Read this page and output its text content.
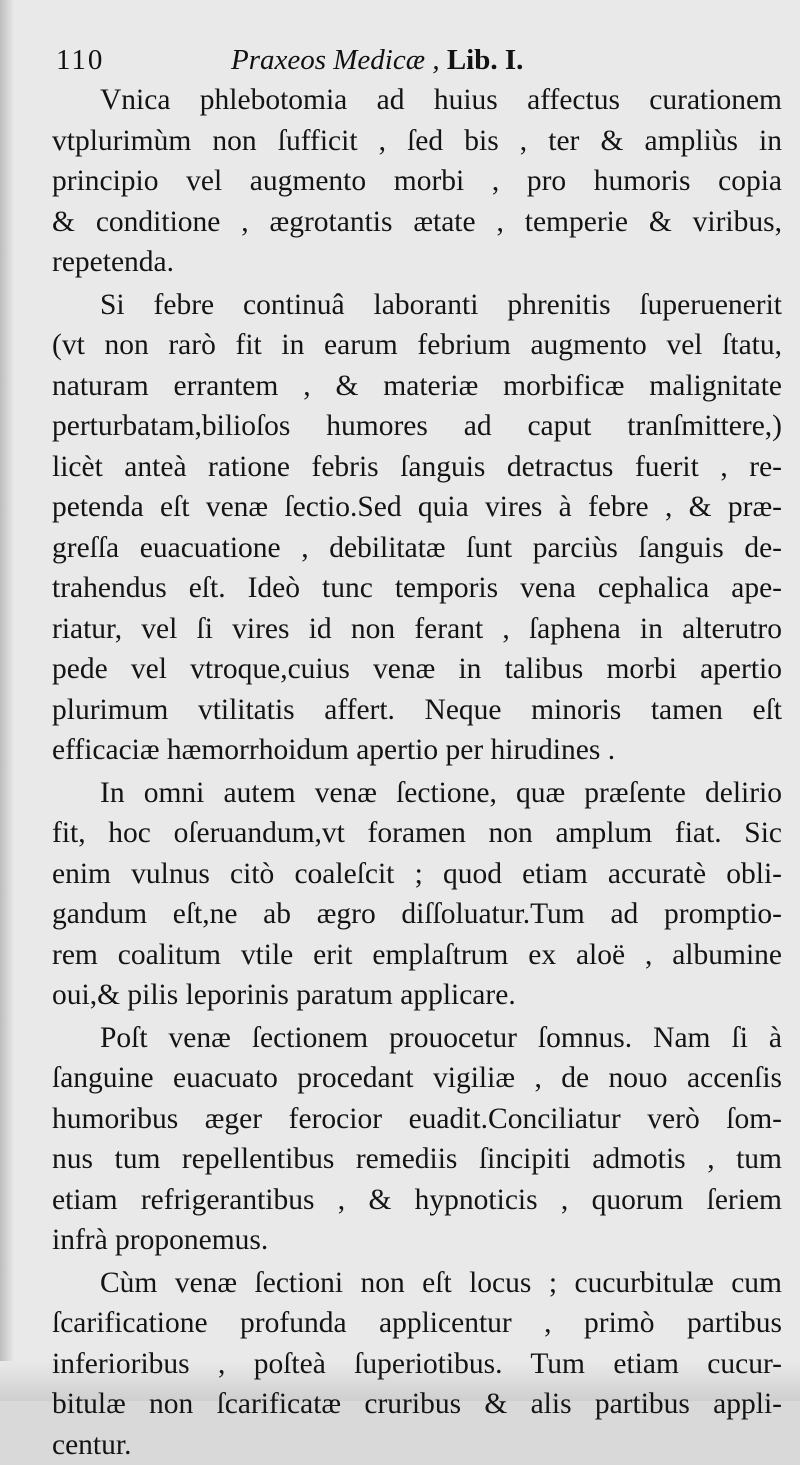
110	Praxeos Medicæ , Lib. I.
Vnica phlebotomia ad huius affectus curationem
vtplurimùm non ſufficit , ſed bis , ter & ampliùs in
principio vel augmento morbi , pro humoris copia
& conditione , ægrotantis ætate , temperie & viribus,
repetenda.
Si febre continuâ laboranti phrenitis ſuperuenerit
(vt non rarò fit in earum febrium augmento vel ſtatu,
naturam errantem , & materiæ morbificæ malignitate
perturbatam,bilioſos humores ad caput tranſmittere,)
licèt anteà ratione febris ſanguis detractus fuerit , re-
petenda eſt venæ ſectio.Sed quia vires à febre , & præ-
greſſa euacuatione , debilitatæ ſunt parciùs ſanguis de-
trahendus eſt. Ideò tunc temporis vena cephalica ape-
riatur, vel ſi vires id non ferant , ſaphena in alterutro
pede vel vtroque,cuius venæ in talibus morbi apertio
plurimum vtilitatis affert. Neque minoris tamen eſt
efficaciæ hæmorrhoidum apertio per hirudines .
In omni autem venæ ſectione, quæ præſente delirio
fit, hoc oſeruandum,vt foramen non amplum fiat. Sic
enim vulnus citò coaleſcit ; quod etiam accuratè obli-
gandum eſt,ne ab ægro diſſoluatur.Tum ad promptio-
rem coalitum vtile erit emplaſtrum ex aloë , albumine
oui,& pilis leporinis paratum applicare.
Poſt venæ ſectionem prouocetur ſomnus. Nam ſi à
ſanguine euacuato procedant vigiliæ , de nouo accenſis
humoribus æger ferocior euadit.Conciliatur verò ſom-
nus tum repellentibus remediis ſincipiti admotis , tum
etiam refrigerantibus , & hypnoticis , quorum ſeriem
infrà proponemus.
Cùm venæ ſectioni non eſt locus ; cucurbitulæ cum
ſcarificatione profunda applicentur , primò partibus
inferioribus , poſteà ſuperiotibus. Tum etiam cucur-
bitulæ non ſcarificatæ cruribus & alis partibus appli-
centur.
